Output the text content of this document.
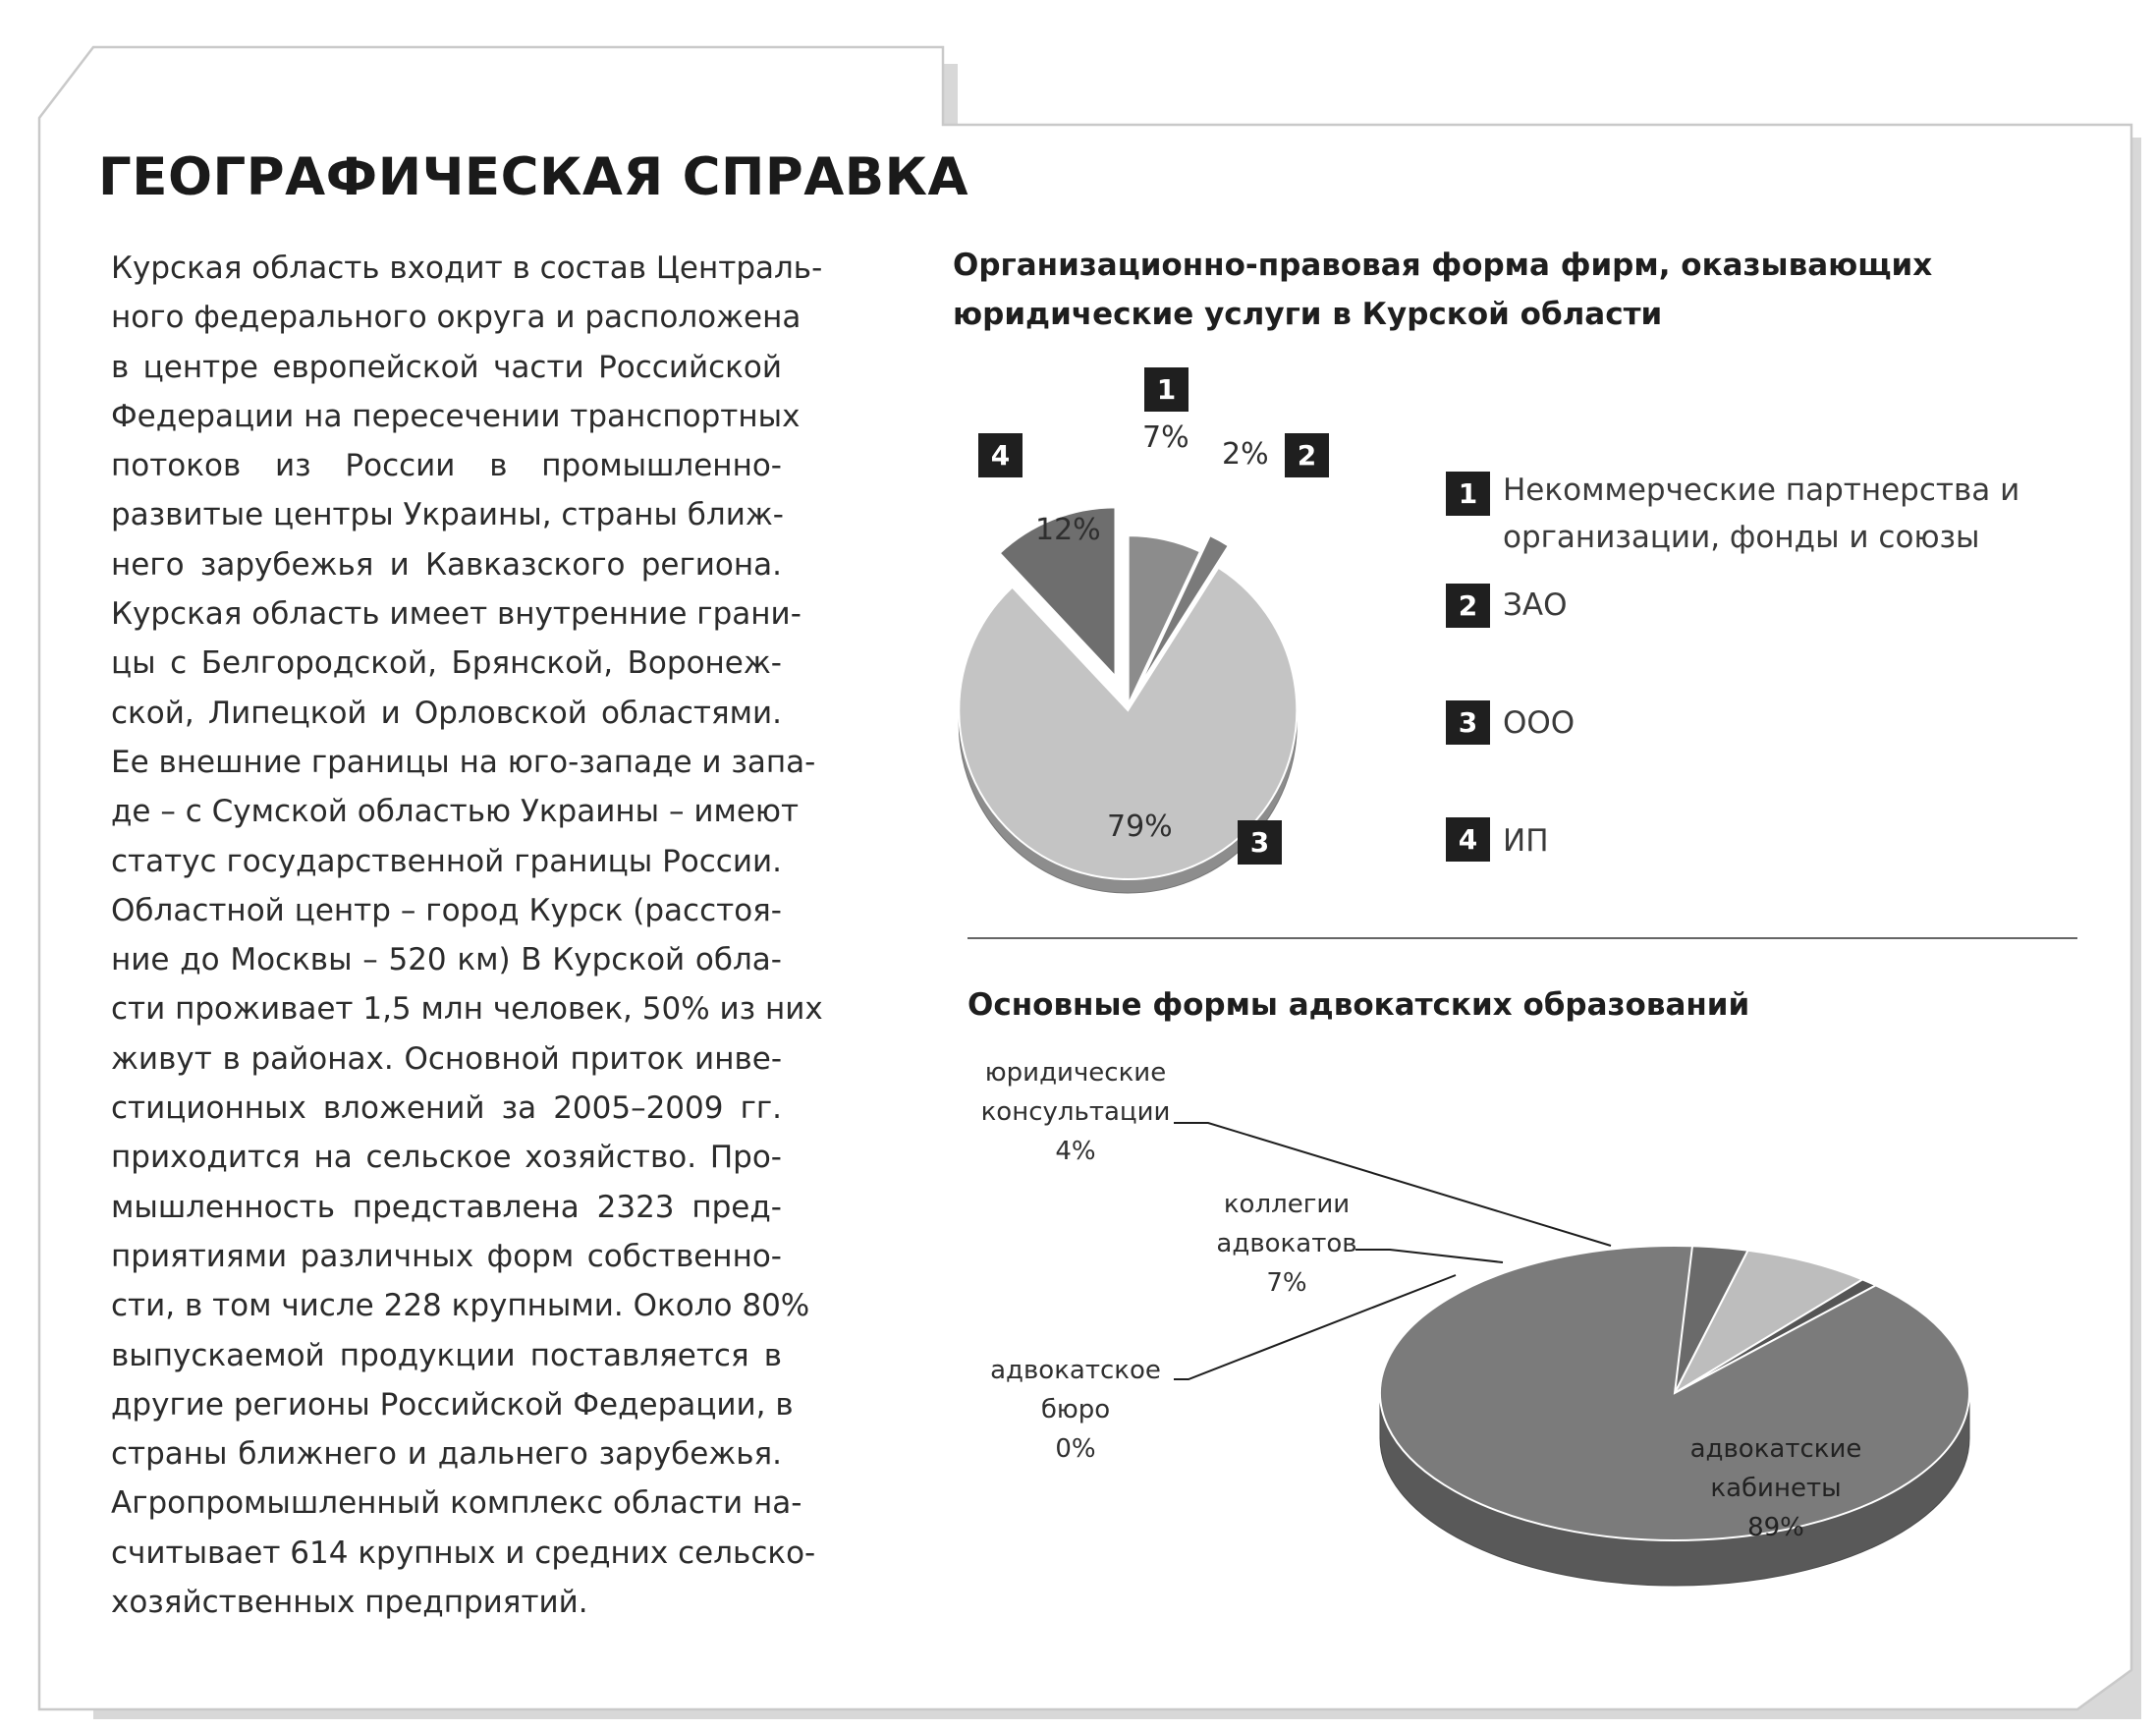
ГЕОГРАФИЧЕСКАЯ СПРАВКА
Курская область входит в состав Централь-
ного федерального округа и расположена
в центре европейской части Российской
Федерации на пересечении транспортных
потоков из России в промышленно-
развитые центры Украины, страны ближ-
него зарубежья и Кавказского региона.
Курская область имеет внутренние грани-
цы с Белгородской, Брянской, Воронеж-
ской, Липецкой и Орловской областями.
Ее внешние границы на юго-западе и запа-
де – с Сумской областью Украины – имеют
статус государственной границы России.
Областной центр – город Курск (расстоя-
ние до Москвы – 520 км) В Курской обла-
сти проживает 1,5 млн человек, 50% из них
живут в районах. Основной приток инве-
стиционных вложений за 2005–2009 гг.
приходится на сельское хозяйство. Про-
мышленность представлена 2323 пред-
приятиями различных форм собственно-
сти, в том числе 228 крупными. Около 80%
выпускаемой продукции поставляется в
другие регионы Российской Федерации, в
страны ближнего и дальнего зарубежья.
Агропромышленный комплекс области на-
считывает 614 крупных и средних сельско-
хозяйственных предприятий.
Организационно-правовая форма фирм, оказывающих
юридические услуги в Курской области
1
7% 2%	2
4
12%
79%	3
1 Некоммерческие партнерства и
организации, фонды и союзы
2 ЗАО
3 ООО
4 ИП
Основные формы адвокатских образований
юридические
консультации
4%
коллегии
адвокатов
7%
адвокатское
бюро
0%	адвокатские
кабинеты
89%
